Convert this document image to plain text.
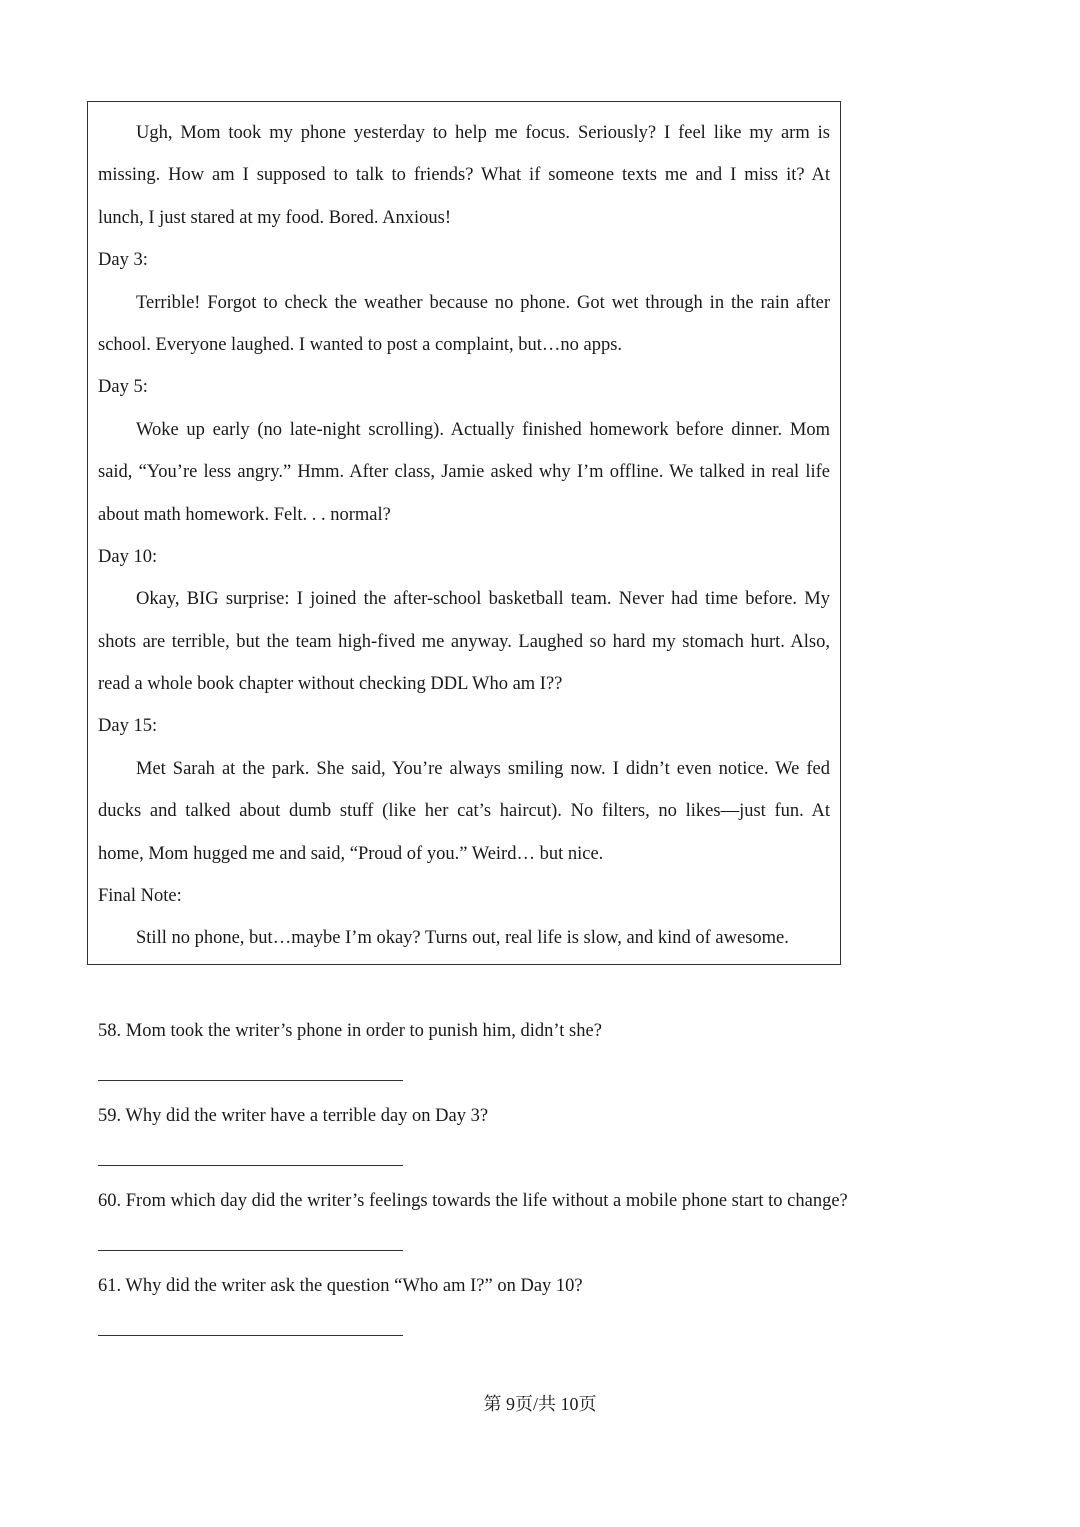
Ugh, Mom took my phone yesterday to help me focus. Seriously? I feel like my arm is
missing. How am I supposed to talk to friends? What if someone texts me and I miss it? At
lunch, I just stared at my food. Bored. Anxious!
Day 3:
Terrible! Forgot to check the weather because no phone. Got wet through in the rain after
school. Everyone laughed. I wanted to post a complaint, but…no apps.
Day 5:
Woke up early (no late-night scrolling). Actually finished homework before dinner. Mom
said, “You’re less angry.” Hmm. After class, Jamie asked why I’m offline. We talked in real life
about math homework. Felt. . . normal?
Day 10:
Okay, BIG surprise: I joined the after-school basketball team. Never had time before. My
shots are terrible, but the team high-fived me anyway. Laughed so hard my stomach hurt. Also,
read a whole book chapter without checking DDL Who am I??
Day 15:
Met Sarah at the park. She said, You’re always smiling now. I didn’t even notice. We fed
ducks and talked about dumb stuff (like her cat’s haircut). No filters, no likes—just fun. At
home, Mom hugged me and said, “Proud of you.” Weird… but nice.
Final Note:
Still no phone, but…maybe I’m okay? Turns out, real life is slow, and kind of awesome.
58. Mom took the writer’s phone in order to punish him, didn’t she?
59. Why did the writer have a terrible day on Day 3?
60. From which day did the writer’s feelings towards the life without a mobile phone start to change?
61. Why did the writer ask the question “Who am I?” on Day 10?
第 9页/共 10页
